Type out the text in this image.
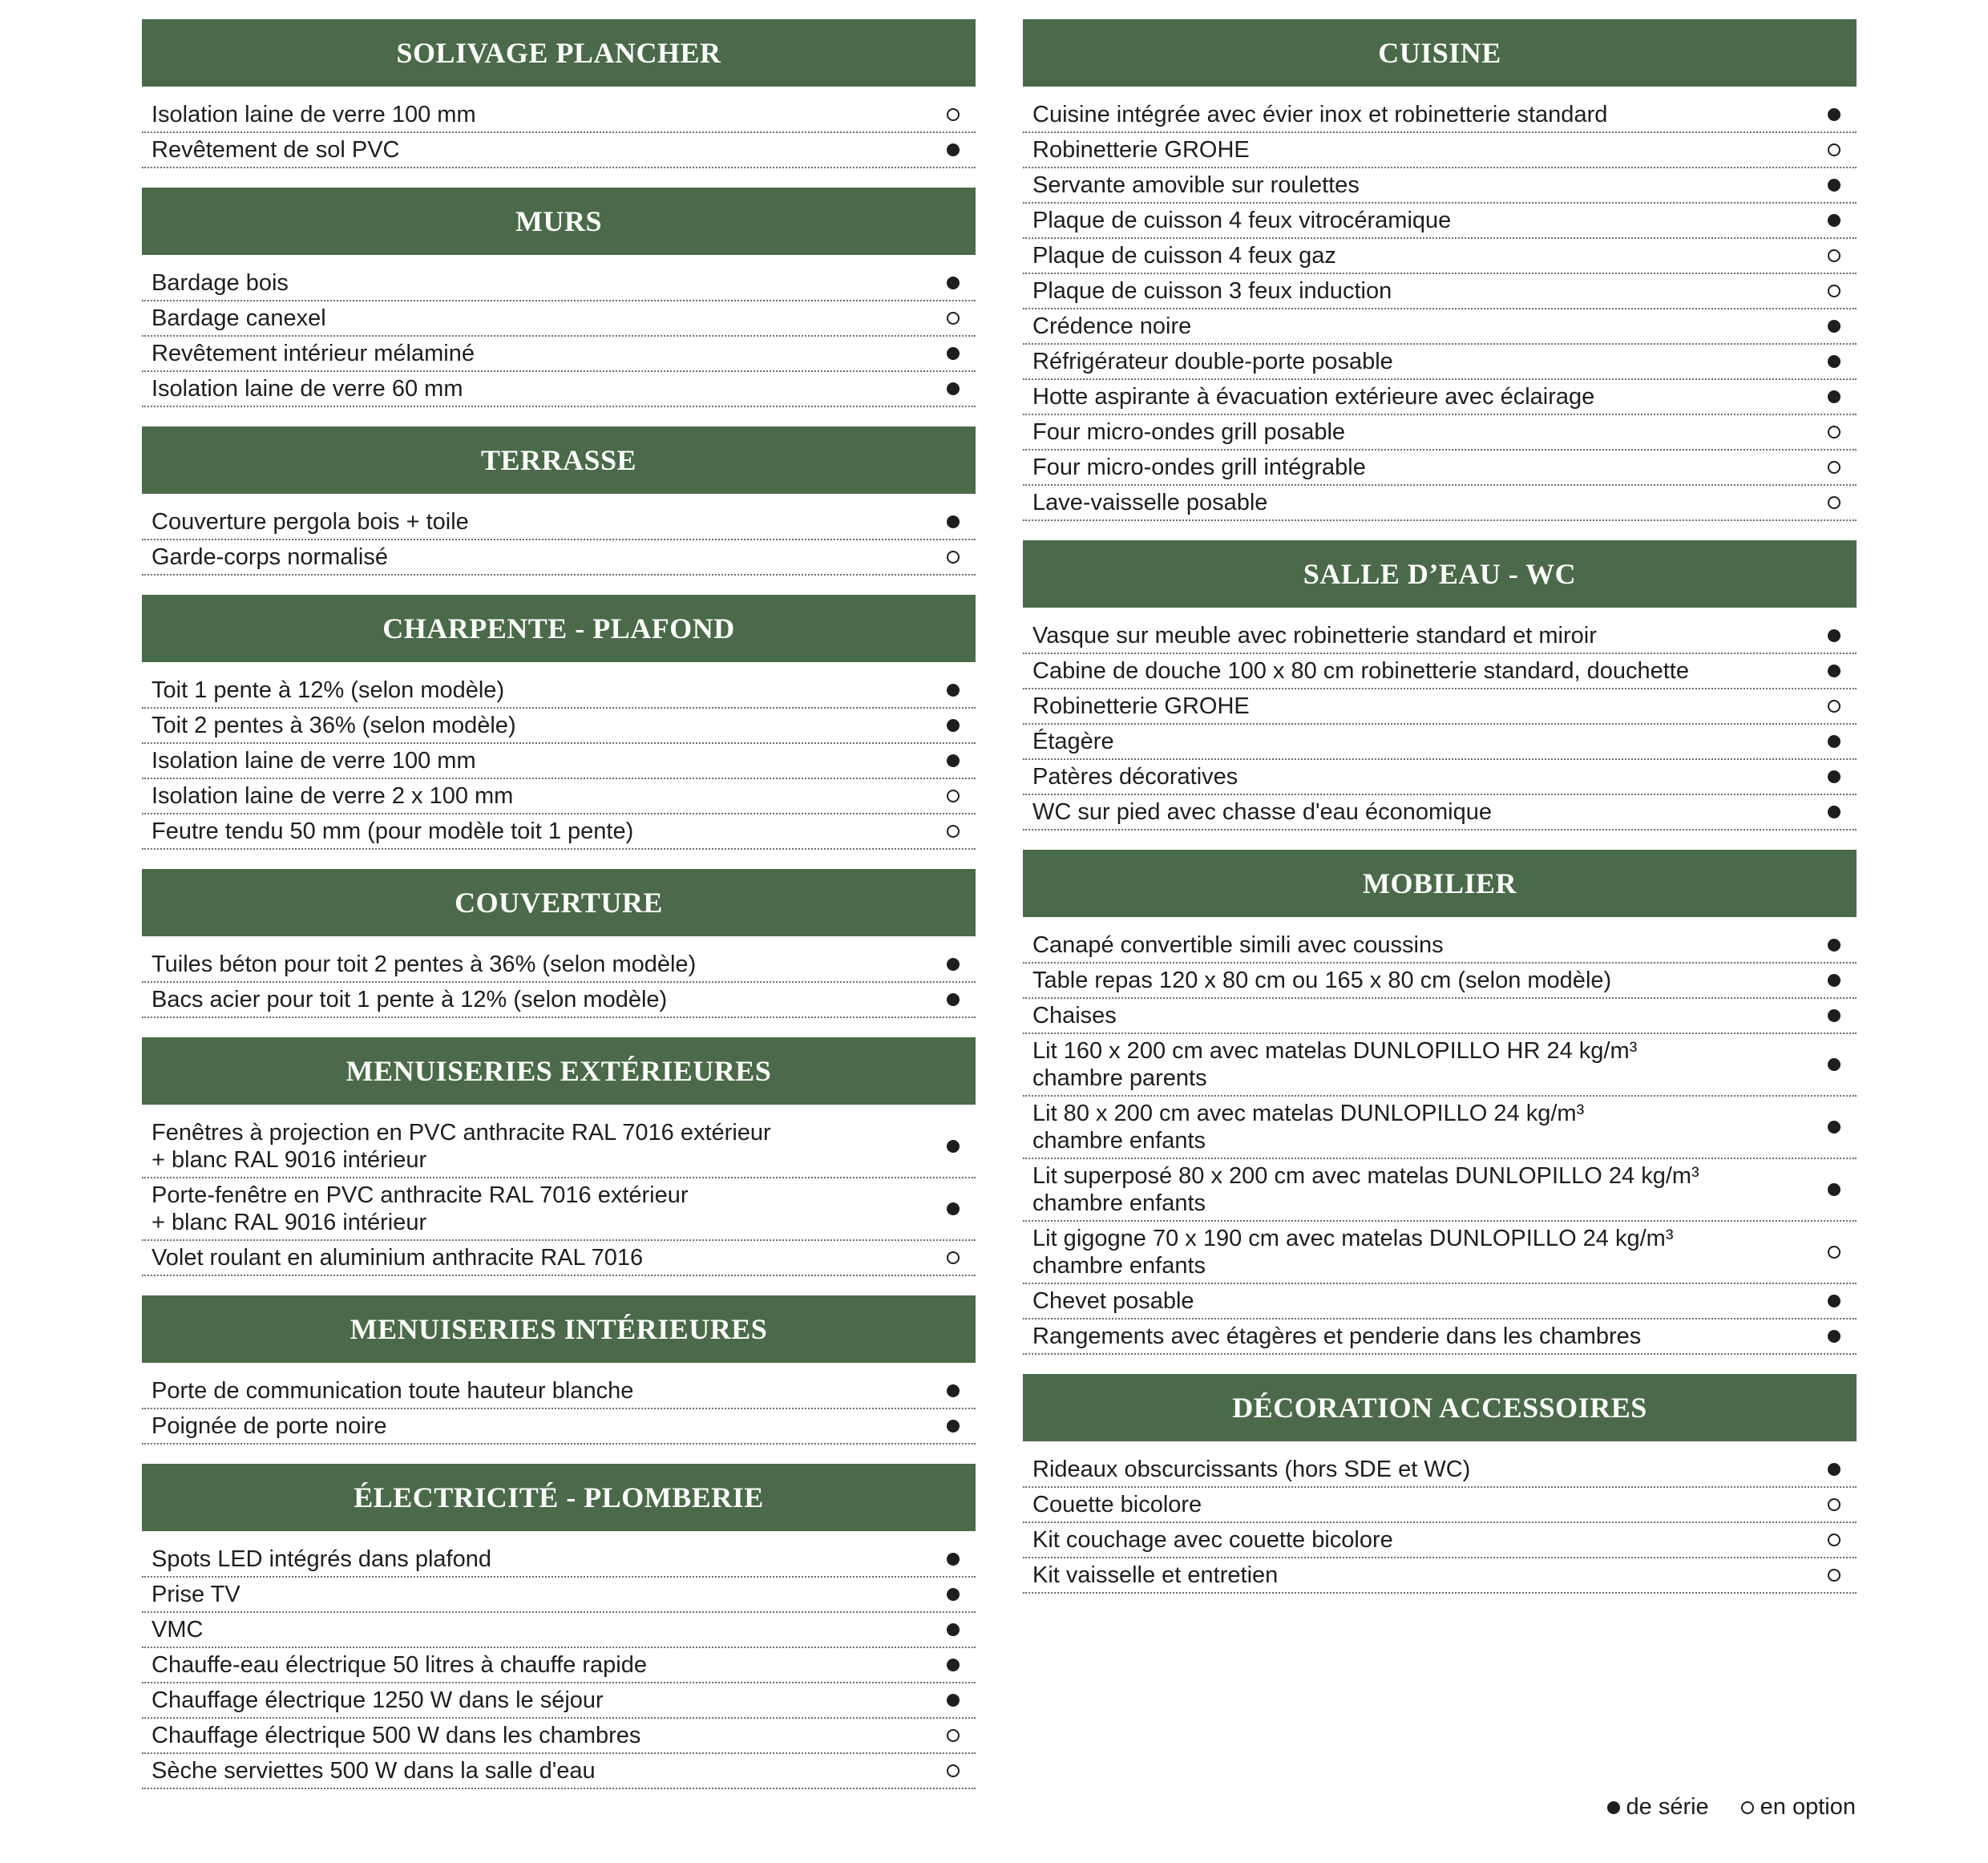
SOLIVAGE PLANCHER
Isolation laine de verre 100 mm
Revêtement de sol PVC
MURS
Bardage bois
Bardage canexel
Revêtement intérieur mélaminé
Isolation laine de verre 60 mm
TERRASSE
Couverture pergola bois + toile
Garde-corps normalisé
CHARPENTE - PLAFOND
Toit 1 pente à 12% (selon modèle)
Toit 2 pentes à 36% (selon modèle)
Isolation laine de verre 100 mm
Isolation laine de verre 2 x 100 mm
Feutre tendu 50 mm (pour modèle toit 1 pente)
COUVERTURE
Tuiles béton pour toit 2 pentes à 36% (selon modèle)
Bacs acier pour toit 1 pente à 12% (selon modèle)
MENUISERIES EXTÉRIEURES
Fenêtres à projection en PVC anthracite RAL 7016 extérieur
+ blanc RAL 9016 intérieur
Porte-fenêtre en PVC anthracite RAL 7016 extérieur
+ blanc RAL 9016 intérieur
Volet roulant en aluminium anthracite RAL 7016
MENUISERIES INTÉRIEURES
Porte de communication toute hauteur blanche
Poignée de porte noire
ÉLECTRICITÉ - PLOMBERIE
Spots LED intégrés dans plafond
Prise TV
VMC
Chauffe-eau électrique 50 litres à chauffe rapide
Chauffage électrique 1250 W dans le séjour
Chauffage électrique 500 W dans les chambres
Sèche serviettes 500 W dans la salle d'eau
CUISINE
Cuisine intégrée avec évier inox et robinetterie standard
Robinetterie GROHE
Servante amovible sur roulettes
Plaque de cuisson 4 feux vitrocéramique
Plaque de cuisson 4 feux gaz
Plaque de cuisson 3 feux induction
Crédence noire
Réfrigérateur double-porte posable
Hotte aspirante à évacuation extérieure avec éclairage
Four micro-ondes grill posable
Four micro-ondes grill intégrable
Lave-vaisselle posable
SALLE D’EAU - WC
Vasque sur meuble avec robinetterie standard et miroir
Cabine de douche 100 x 80 cm robinetterie standard, douchette
Robinetterie GROHE
Étagère
Patères décoratives
WC sur pied avec chasse d'eau économique
MOBILIER
Canapé convertible simili avec coussins
Table repas 120 x 80 cm ou 165 x 80 cm (selon modèle)
Chaises
Lit 160 x 200 cm avec matelas DUNLOPILLO HR 24 kg/m³
chambre parents
Lit 80 x 200 cm avec matelas DUNLOPILLO 24 kg/m³
chambre enfants
Lit superposé 80 x 200 cm avec matelas DUNLOPILLO 24 kg/m³
chambre enfants
Lit gigogne 70 x 190 cm avec matelas DUNLOPILLO 24 kg/m³
chambre enfants
Chevet posable
Rangements avec étagères et penderie dans les chambres
DÉCORATION ACCESSOIRES
Rideaux obscurcissants (hors SDE et WC)
Couette bicolore
Kit couchage avec couette bicolore
Kit vaisselle et entretien
de série en option
